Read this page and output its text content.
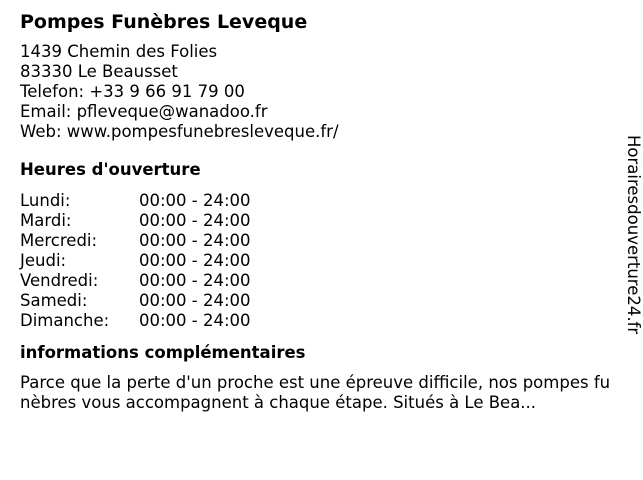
Pompes Funèbres Leveque
1439 Chemin des Folies
83330 Le Beausset
Telefon: +33 9 66 91 79 00
Email: pfleveque@wanadoo.fr
Web: www.pompesfunebresleveque.fr/
Heures d'ouverture
Lundi:	00:00 - 24:00
Mardi:	00:00 - 24:00
Mercredi:	00:00 - 24:00
Jeudi:	00:00 - 24:00
Vendredi:	00:00 - 24:00
Samedi:	00:00 - 24:00
Dimanche:	00:00 - 24:00
informations complémentaires
Parce que la perte d'un proche est une épreuve difficile, nos pompes funèbres vous accompagnent à chaque étape. Situés à Le Bea...
Horairesdouverture24.fr
